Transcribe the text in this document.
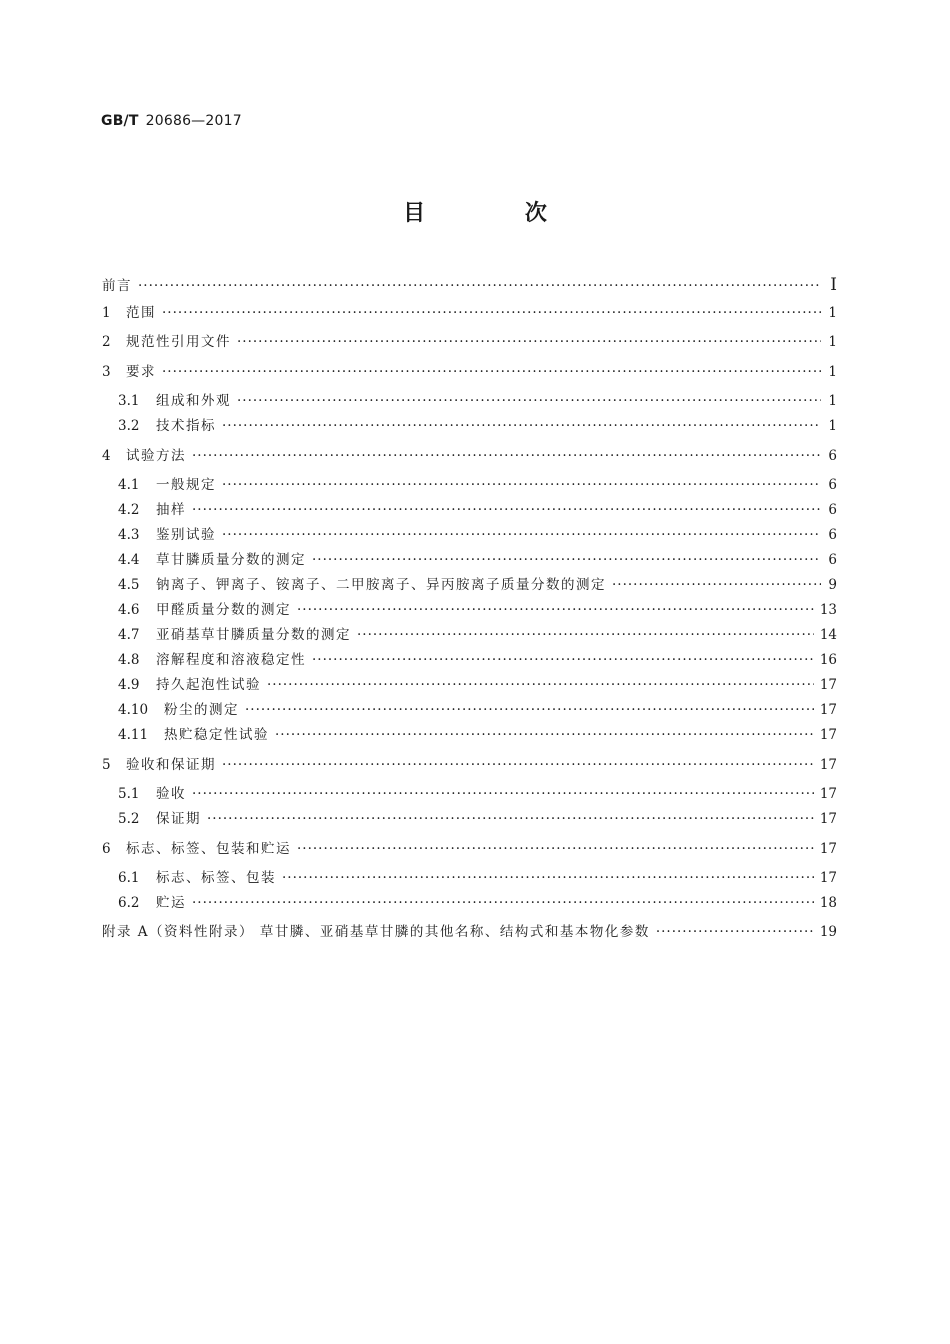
GB/T 20686—2017
目 次
前言 ·····	I
1	范围 ·····	1
2	规范性引用文件 ·····	1
3	要求 ·····	1
3.1	组成和外观 ·····	1
3.2	技术指标 ·····	1
4	试验方法 ·····	6
4.1	一般规定 ·····	6
4.2	抽样 ·····	6
4.3	鉴别试验 ·····	6
4.4	草甘膦质量分数的测定 ·····	6
4.5	钠离子、钾离子、铵离子、二甲胺离子、异丙胺离子质量分数的测定 ·····	9
4.6	甲醛质量分数的测定 ·····	13
4.7	亚硝基草甘膦质量分数的测定 ·····	14
4.8	溶解程度和溶液稳定性 ·····	16
4.9	持久起泡性试验 ·····	17
4.10	粉尘的测定 ·····	17
4.11	热贮稳定性试验 ·····	17
5	验收和保证期 ·····	17
5.1	验收 ·····	17
5.2	保证期 ·····	17
6	标志、标签、包装和贮运 ·····	17
6.1	标志、标签、包装 ·····	17
6.2	贮运 ·····	18
附录 A（资料性附录） 草甘膦、亚硝基草甘膦的其他名称、结构式和基本物化参数 ·····	19
